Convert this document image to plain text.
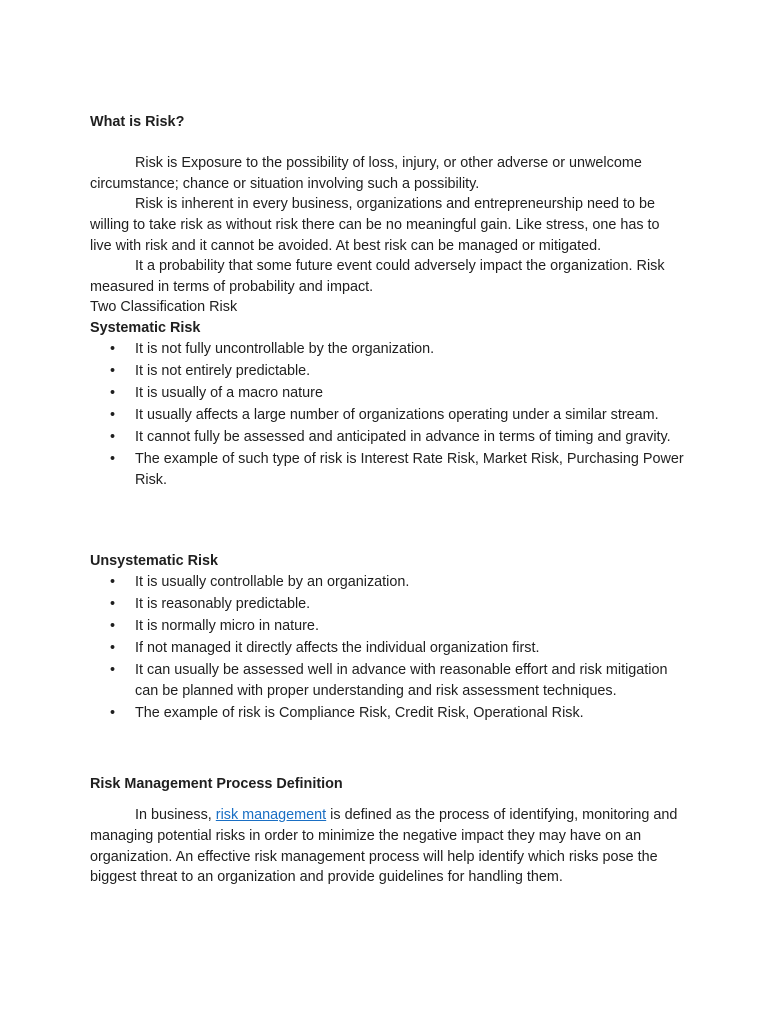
What is Risk?
Risk is Exposure to the possibility of loss, injury, or other adverse or unwelcome circumstance; chance or situation involving such a possibility.
Risk is inherent in every business, organizations and entrepreneurship need to be willing to take risk as without risk there can be no meaningful gain. Like stress, one has to live with risk and it cannot be avoided. At best risk can be managed or mitigated.
It a probability that some future event could adversely impact the organization. Risk measured in terms of probability and impact.
Two Classification Risk
Systematic Risk
• It is not fully uncontrollable by the organization.
• It is not entirely predictable.
• It is usually of a macro nature
• It usually affects a large number of organizations operating under a similar stream.
• It cannot fully be assessed and anticipated in advance in terms of timing and gravity.
• The example of such type of risk is Interest Rate Risk, Market Risk, Purchasing Power Risk.
Unsystematic Risk
• It is usually controllable by an organization.
• It is reasonably predictable.
• It is normally micro in nature.
• If not managed it directly affects the individual organization first.
• It can usually be assessed well in advance with reasonable effort and risk mitigation can be planned with proper understanding and risk assessment techniques.
• The example of risk is Compliance Risk, Credit Risk, Operational Risk.
Risk Management Process Definition
In business, risk management is defined as the process of identifying, monitoring and managing potential risks in order to minimize the negative impact they may have on an organization. An effective risk management process will help identify which risks pose the biggest threat to an organization and provide guidelines for handling them.
